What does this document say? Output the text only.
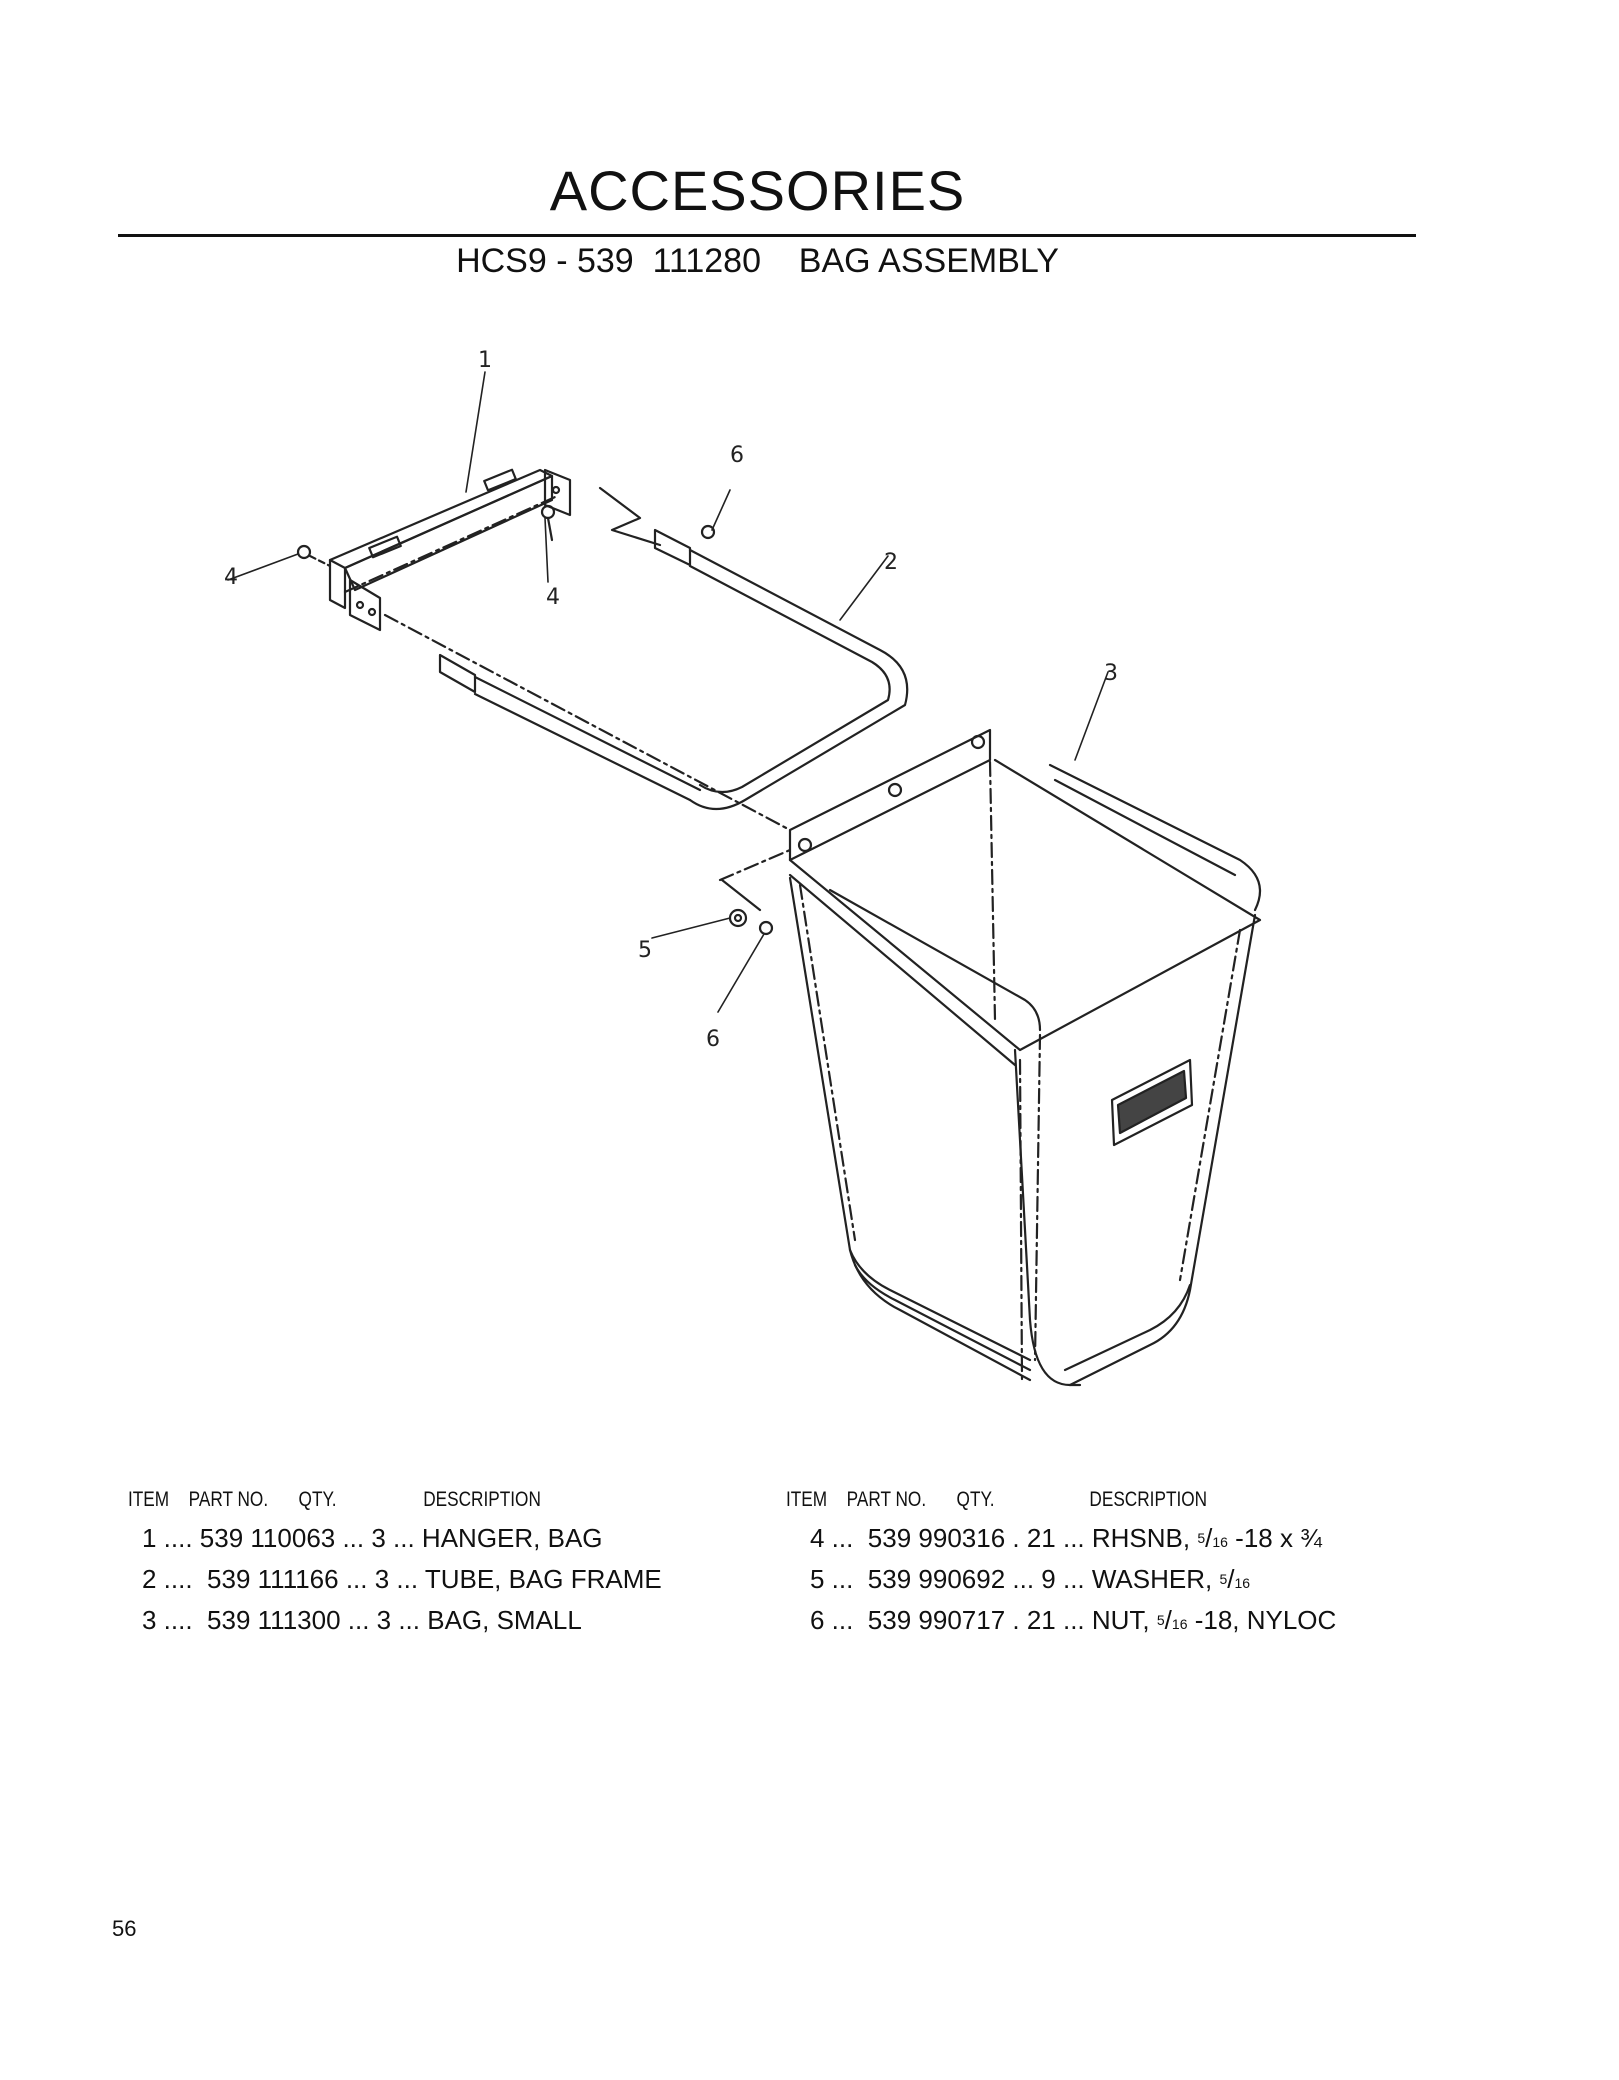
ACCESSORIES
HCS9 - 539  111280    BAG ASSEMBLY
1
2
3
4
4
5
6
6
ITEM PART NO. QTY.	DESCRIPTION
1 .... 539 110063 ... 3 ... HANGER, BAG
2 ....  539 111166 ... 3 ... TUBE, BAG FRAME
3 ....  539 111300 ... 3 ... BAG, SMALL
ITEM PART NO. QTY.	DESCRIPTION
4 ...  539 990316 . 21 ... RHSNB, $^5$/16 -18 x ¾
5 ...  539 990692 ... 9 ... WASHER, $^5$/16
6 ...  539 990717 . 21 ... NUT, $^5$/16 -18, NYLOC
56
